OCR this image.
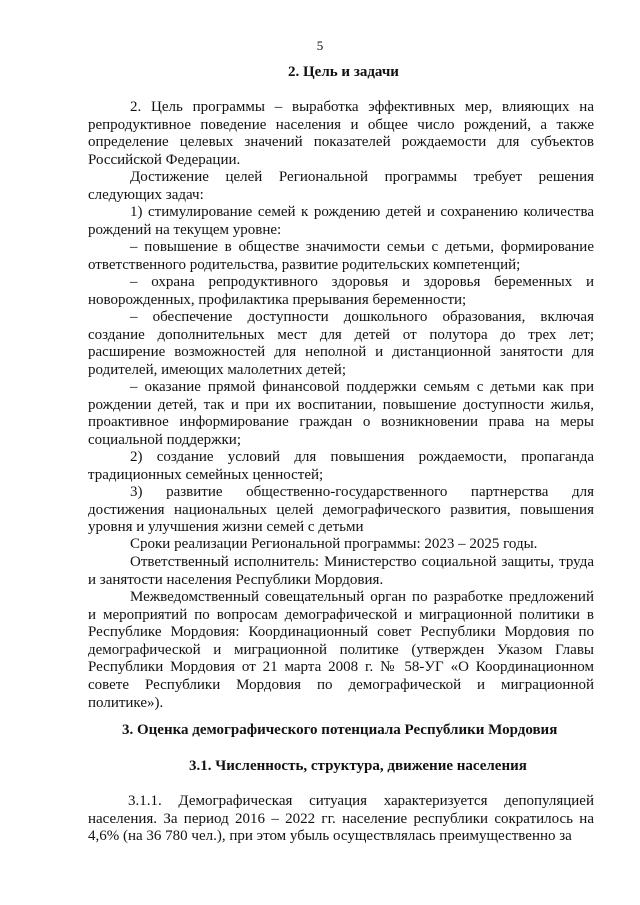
5
2. Цель и задачи
2. Цель программы – выработка эффективных мер, влияющих на репродуктивное поведение населения и общее число рождений, а также определение целевых значений показателей рождаемости для субъектов Российской Федерации.
Достижение целей Региональной программы требует решения следующих задач:
1) стимулирование семей к рождению детей и сохранению количества рождений на текущем уровне:
– повышение в обществе значимости семьи с детьми, формирование ответственного родительства, развитие родительских компетенций;
– охрана репродуктивного здоровья и здоровья беременных и новорожденных, профилактика прерывания беременности;
– обеспечение доступности дошкольного образования, включая создание дополнительных мест для детей от полутора до трех лет; расширение возможностей для неполной и дистанционной занятости для родителей, имеющих малолетних детей;
– оказание прямой финансовой поддержки семьям с детьми как при рождении детей, так и при их воспитании, повышение доступности жилья, проактивное информирование граждан о возникновении права на меры социальной поддержки;
2) создание условий для повышения рождаемости, пропаганда традиционных семейных ценностей;
3) развитие общественно-государственного партнерства для достижения национальных целей демографического развития, повышения уровня и улучшения жизни семей с детьми
Сроки реализации Региональной программы: 2023 – 2025 годы.
Ответственный исполнитель: Министерство социальной защиты, труда и занятости населения Республики Мордовия.
Межведомственный совещательный орган по разработке предложений и мероприятий по вопросам демографической и миграционной политики в Республике Мордовия: Координационный совет Республики Мордовия по демографической и миграционной политике (утвержден Указом Главы Республики Мордовия от 21 марта 2008 г. № 58-УГ «О Координационном совете Республики Мордовия по демографической и миграционной политике»).
3. Оценка демографического потенциала Республики Мордовия
3.1. Численность, структура, движение населения
3.1.1. Демографическая ситуация характеризуется депопуляцией населения. За период 2016 – 2022 гг. население республики сократилось на 4,6% (на 36 780 чел.), при этом убыль осуществлялась преимущественно за
